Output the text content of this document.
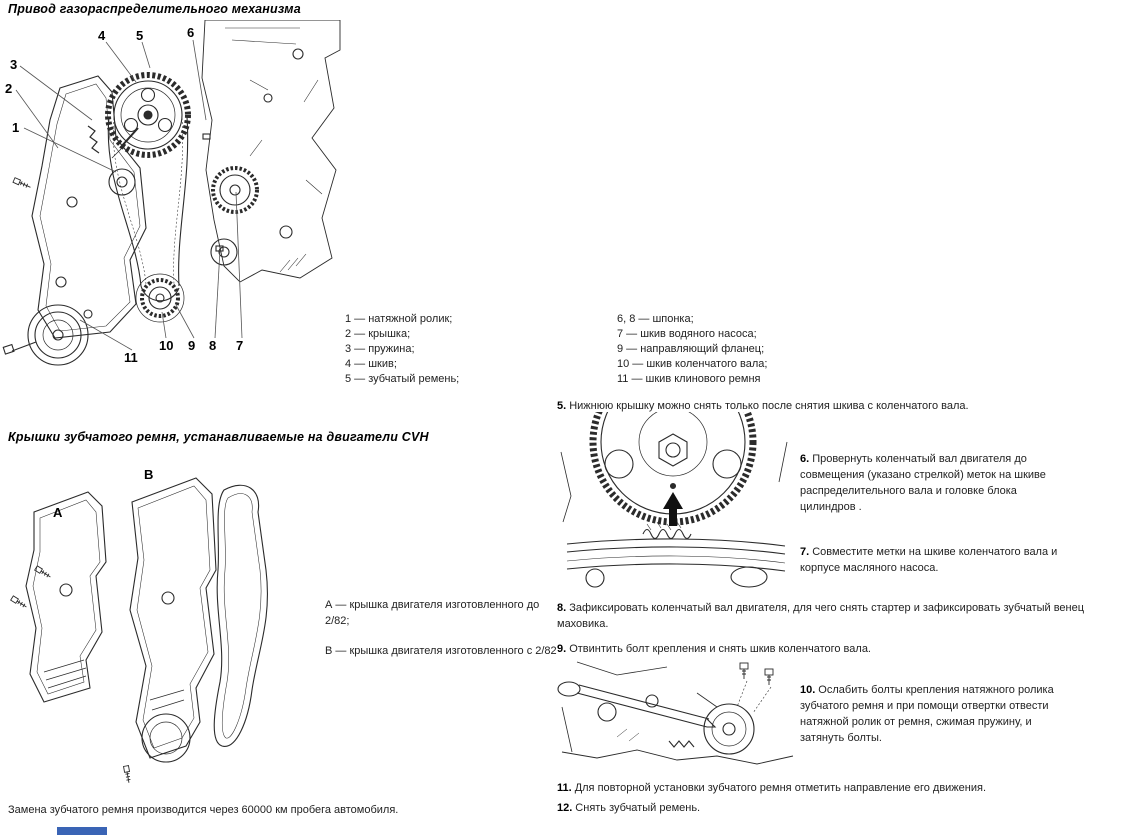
Привод газораспределительного механизма
1
2
3
4 5	6
7
8
9
10
11
1 — натяжной ролик;
2 — крышка;
3 — пружина;
4 — шкив;
5 — зубчатый ремень;
6, 8 — шпонка;
7 — шкив водяного насоса;
9 — направляющий фланец;
10 — шкив коленчатого вала;
11 — шкив клинового ремня
5. Нижнюю крышку можно снять только после снятия шкива с коленчатого вала.
6. Провернуть коленчатый вал двигателя до совмещения (указано стрелкой) меток на шкиве распределительного вала и головке блока цилиндров .
7. Совместите метки на шкиве коленчатого вала и корпусе масляного насоса.
8. Зафиксировать коленчатый вал двигателя, для чего снять стартер и зафиксировать зубчатый венец маховика.
9. Отвинтить болт крепления и снять шкив коленчатого вала.
10. Ослабить болты крепления натяжного ролика зубчатого ремня и при помощи отвертки отвести натяжной ролик от ремня, сжимая пружину, и затянуть болты.
11. Для повторной установки зубчатого ремня отметить направление его движения.
12. Снять зубчатый ремень.
Крышки зубчатого ремня, устанавливаемые на двигатели CVH
A
B
А — крышка двигателя изготовленного до 2/82;
В — крышка двигателя изготовленного с 2/82
Замена зубчатого ремня производится через 60000 км пробега автомобиля.
